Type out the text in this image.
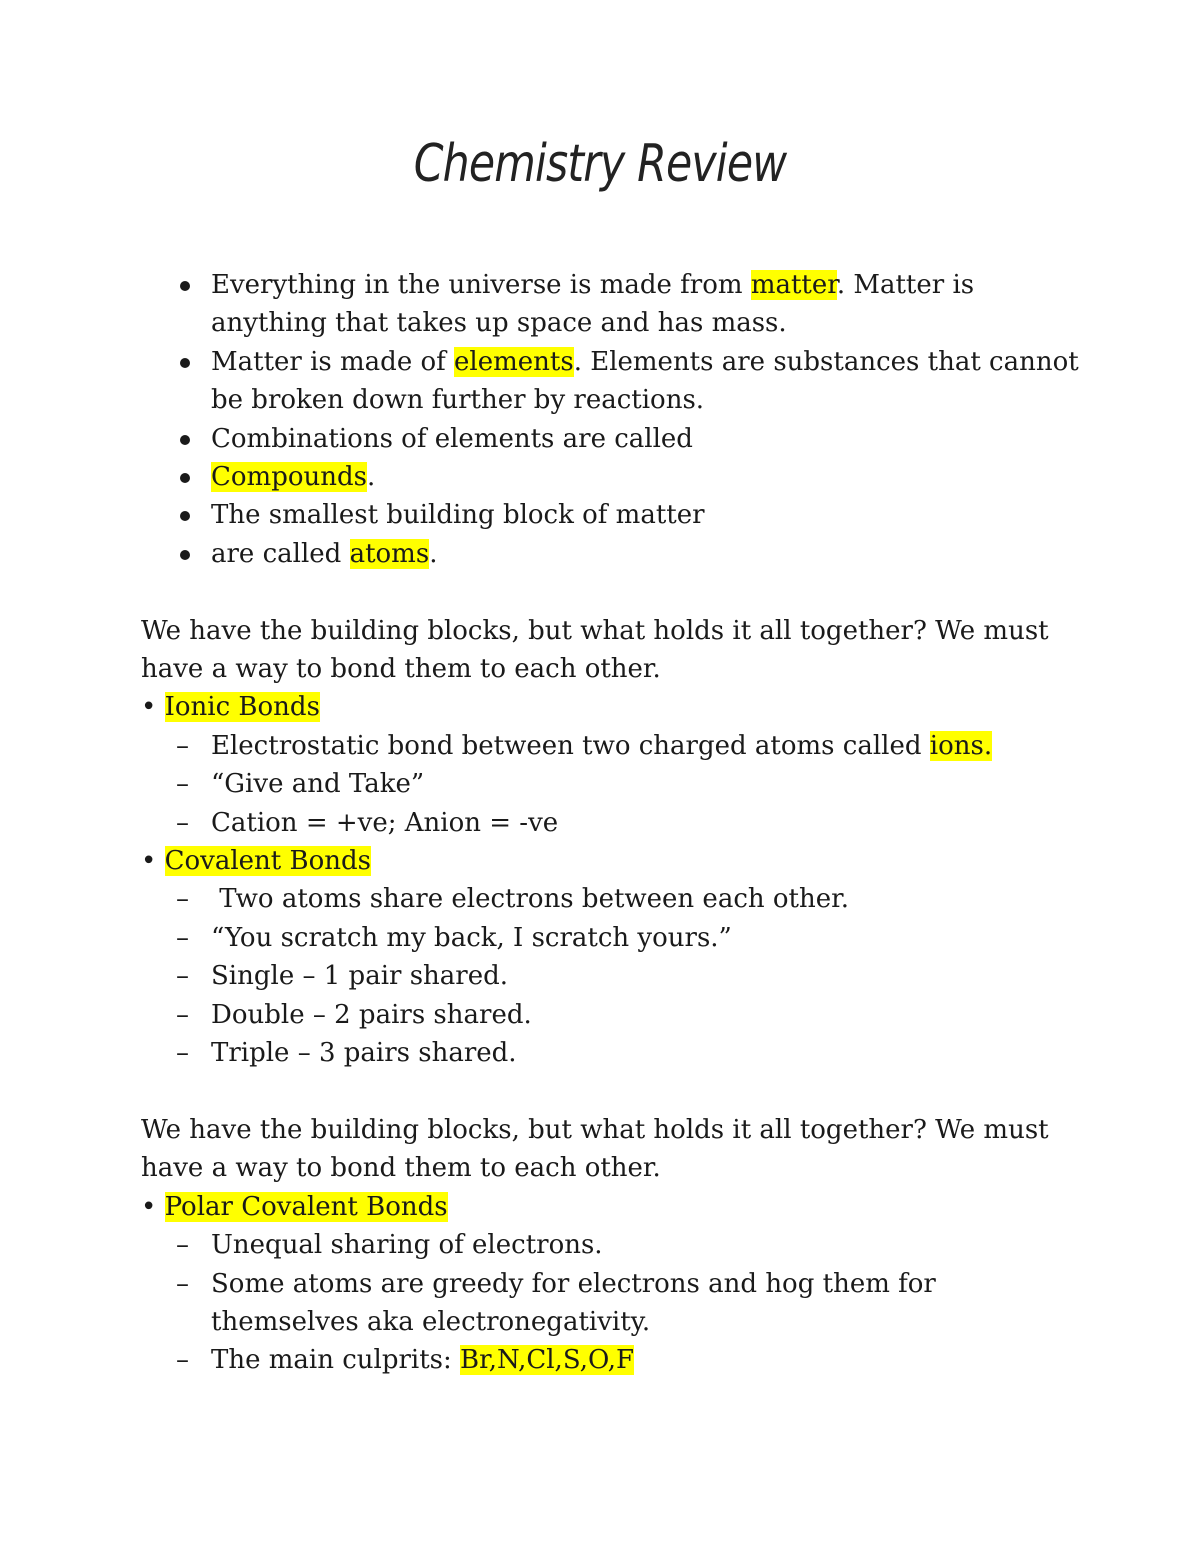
Chemistry Review
Everything in the universe is made from matter. Matter is anything that takes up space and has mass.
Matter is made of elements. Elements are substances that cannot be broken down further by reactions.
Combinations of elements are called
Compounds.
The smallest building block of matter
are called atoms.
We have the building blocks, but what holds it all together? We must have a way to bond them to each other.
• Ionic Bonds
– Electrostatic bond between two charged atoms called ions.
– “Give and Take”
– Cation = +ve; Anion = -ve
• Covalent Bonds
– Two atoms share electrons between each other.
– “You scratch my back, I scratch yours.”
– Single – 1 pair shared.
– Double – 2 pairs shared.
– Triple – 3 pairs shared.
We have the building blocks, but what holds it all together? We must have a way to bond them to each other.
• Polar Covalent Bonds
– Unequal sharing of electrons.
– Some atoms are greedy for electrons and hog them for themselves aka electronegativity.
– The main culprits: Br,N,Cl,S,O,F
